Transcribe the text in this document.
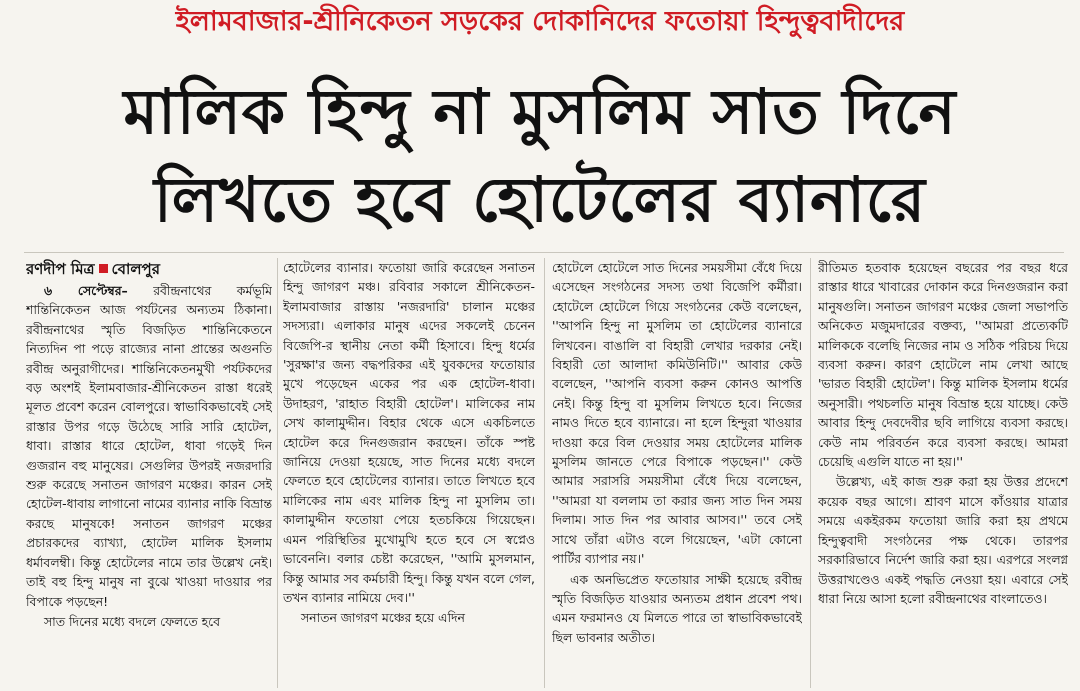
ইলামবাজার-শ্রীনিকেতন সড়কের দোকানিদের ফতোয়া হিন্দুত্ববাদীদের
মালিক হিন্দু না মুসলিম সাত দিনে
লিখতে হবে হোটেলের ব্যানারে

রণদীপ মিত্র বোলপুর

৬ সেপ্টেম্বর– রবীন্দ্রনাথের কর্মভূমি শান্তিনিকেতন আজ পর্যটনের অন্যতম ঠিকানা। রবীন্দ্রনাথের স্মৃতি বিজড়িত শান্তিনিকেতনে নিত্যদিন পা পড়ে রাজ্যের নানা প্রান্তের অগুনতি রবীন্দ্র অনুরাগীদের। শান্তিনিকেতনমুখী পর্যটকদের বড় অংশই ইলামবাজার-শ্রীনিকেতন রাস্তা ধরেই মূলত প্রবেশ করেন বোলপুরে। স্বাভাবিকভাবেই সেই রাস্তার উপর গড়ে উঠেছে সারি সারি হোটেল, ধাবা। রাস্তার ধারে হোটেল, ধাবা গড়েই দিন গুজরান বহু মানুষের। সেগুলির উপরই নজরদারি শুরু করেছে সনাতন জাগরণ মঞ্চের। কারন সেই হোটেল-ধাবায় লাগানো নামের ব্যানার নাকি বিভ্রান্ত করছে মানুষকে! সনাতন জাগরণ মঞ্চের প্রচারকদের ব্যাখ্যা, হোটেল মালিক ইসলাম ধর্মাবলম্বী। কিন্তু হোটেলের নামে তার উল্লেখ নেই। তাই বহু হিন্দু মানুষ না বুঝে খাওয়া দাওয়ার পর বিপাকে পড়ছেন!

সাত দিনের মধ্যে বদলে ফেলতে হবে

হোটেলের ব্যানার। ফতোয়া জারি করেছেন সনাতন হিন্দু জাগরণ মঞ্চ। রবিবার সকালে শ্রীনিকেতন-ইলামবাজার রাস্তায় 'নজরদারি' চালান মঞ্চের সদস্যরা। এলাকার মানুষ এদের সকলেই চেনেন বিজেপি-র স্থানীয় নেতা কর্মী হিসাবে। হিন্দু ধর্মের 'সুরক্ষা'র জন্য বদ্ধপরিকর এই যুবকদের ফতোয়ার মুখে পড়েছেন একের পর এক হোটেল-ধাবা। উদাহরণ, 'রাহাত বিহারী হোটেল'। মালিকের নাম সেখ কালামুদ্দীন। বিহার থেকে এসে একচিলতে হোটেল করে দিনগুজরান করছেন। তাঁকে স্পষ্ট জানিয়ে দেওয়া হয়েছে, সাত দিনের মধ্যে বদলে ফেলতে হবে হোটেলের ব্যানার। তাতে লিখতে হবে মালিকের নাম এবং মালিক হিন্দু না মুসলিম তা। কালামুদ্দীন ফতোয়া পেয়ে হতচকিয়ে গিয়েছেন। এমন পরিস্থিতির মুখোমুখি হতে হবে সে স্বপ্নেও ভাবেননি। বলার চেষ্টা করেছেন, ''আমি মুসলমান, কিন্তু আমার সব কর্মচারী হিন্দু। কিন্তু যখন বলে গেল, তখন ব্যানার নামিয়ে দেব।''

সনাতন জাগরণ মঞ্চের হয়ে এদিন

হোটেলে হোটেলে সাত দিনের সময়সীমা বেঁধে দিয়ে এসেছেন সংগঠনের সদস্য তথা বিজেপি কর্মীরা। হোটেলে হোটেলে গিয়ে সংগঠনের কেউ বলেছেন, ''আপনি হিন্দু না মুসলিম তা হোটেলের ব্যানারে লিখবেন। বাঙালি বা বিহারী লেখার দরকার নেই। বিহারী তো আলাদা কমিউনিটি।'' আবার কেউ বলেছেন, ''আপনি ব্যবসা করুন কোনও আপত্তি নেই। কিন্তু হিন্দু বা মুসলিম লিখতে হবে। নিজের নামও দিতে হবে ব্যানারে। না হলে হিন্দুরা খাওয়ার দাওয়া করে বিল দেওয়ার সময় হোটেলের মালিক মুসলিম জানতে পেরে বিপাকে পড়ছেন।'' কেউ আমার সরাসরি সময়সীমা বেঁধে দিয়ে বলেছেন, ''আমরা যা বললাম তা করার জন্য সাত দিন সময় দিলাম। সাত দিন পর আবার আসব।'' তবে সেই সাথে তাঁরা এটাও বলে গিয়েছেন, 'এটা কোনো পার্টির ব্যাপার নয়।'

এক অনভিপ্রেত ফতোয়ার সাক্ষী হয়েছে রবীন্দ্র স্মৃতি বিজড়িত যাওয়ার অন্যতম প্রধান প্রবেশ পথ। এমন ফরমানও যে মিলতে পারে তা স্বাভাবিকভাবেই ছিল ভাবনার অতীত।

রীতিমত হতবাক হয়েছেন বছরের পর বছর ধরে রাস্তার ধারে খাবারের দোকান করে দিনগুজরান করা মানুষগুলি। সনাতন জাগরণ মঞ্চের জেলা সভাপতি অনিকেত মজুমদারের বক্তব্য, ''আমরা প্রত্যেকটি মালিককে বলেছি নিজের নাম ও সঠিক পরিচয় দিয়ে ব্যবসা করুন। কারণ হোটেলে নাম লেখা আছে 'ভারত বিহারী হোটেল'। কিন্তু মালিক ইসলাম ধর্মের অনুসারী। পথচলতি মানুষ বিভ্রান্ত হয়ে যাচ্ছে। কেউ আবার হিন্দু দেবদেবীর ছবি লাগিয়ে ব্যবসা করছে। কেউ নাম পরিবর্তন করে ব্যবসা করছে। আমরা চেয়েছি এগুলি যাতে না হয়।''

উল্লেখ্য, এই কাজ শুরু করা হয় উত্তর প্রদেশে কয়েক বছর আগে। শ্রাবণ মাসে কাঁওয়ার যাত্রার সময়ে একইরকম ফতোয়া জারি করা হয় প্রথমে হিন্দুত্ববাদী সংগঠনের পক্ষ থেকে। তারপর সরকারিভাবে নির্দেশ জারি করা হয়। এরপরে সংলগ্ন উত্তরাখণ্ডেও একই পদ্ধতি নেওয়া হয়। এবারে সেই ধারা নিয়ে আসা হলো রবীন্দ্রনাথের বাংলাতেও।
